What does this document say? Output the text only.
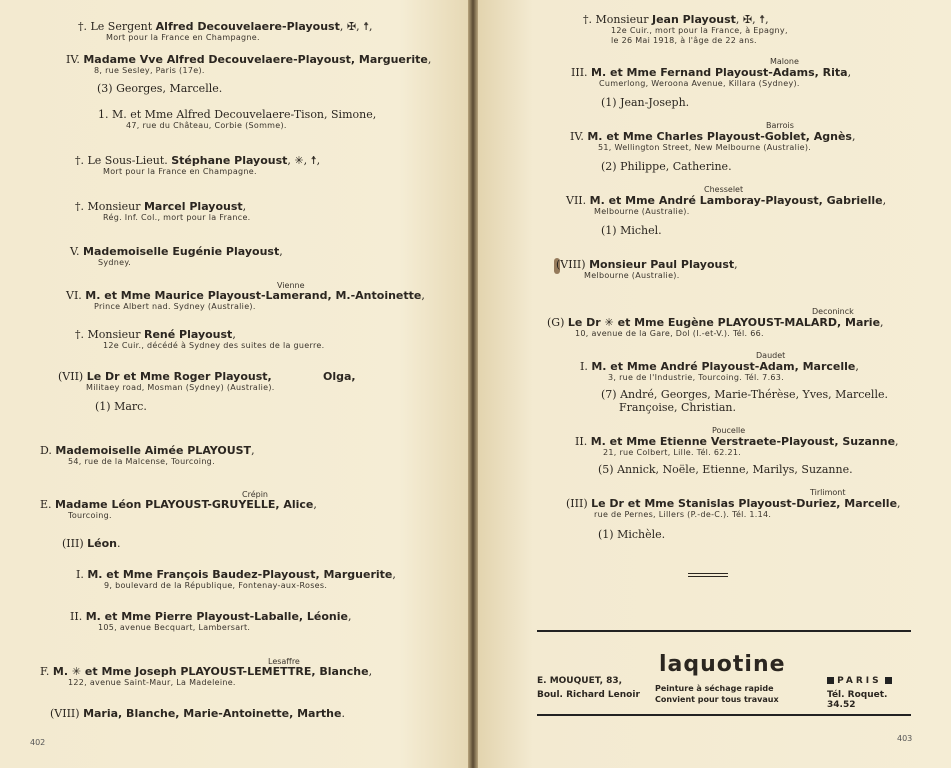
†. Le Sergent Alfred Decouvelaere-Playoust, ✠, ☨,
Mort pour la France en Champagne.
IV. Madame Vve Alfred Decouvelaere-Playoust, Marguerite,
8, rue Sesley, Paris (17e).
(3) Georges, Marcelle.
1. M. et Mme Alfred Decouvelaere-Tison, Simone,
47, rue du Château, Corbie (Somme).
†. Le Sous-Lieut. Stéphane Playoust, ✳, ☨,
Mort pour la France en Champagne.
†. Monsieur Marcel Playoust,
Rég. Inf. Col., mort pour la France.
V. Mademoiselle Eugénie Playoust,
Sydney.
VI. M. et Mme Maurice Playoust-Lamerand, M.-Antoinette,
Prince Albert nad. Sydney (Australie).
Vienne
†. Monsieur René Playoust,
12e Cuir., décédé à Sydney des suites de la guerre.
(VII) Le Dr et Mme Roger Playoust,
Militaey road, Mosman (Sydney) (Australie).
Olga,
(1) Marc.
D. Mademoiselle Aimée PLAYOUST,
54, rue de la Malcense, Tourcoing.
E. Madame Léon PLAYOUST-GRUYELLE, Alice,
Tourcoing.
Crépin
(III) Léon.
I. M. et Mme François Baudez-Playoust, Marguerite,
9, boulevard de la République, Fontenay-aux-Roses.
II. M. et Mme Pierre Playoust-Laballe, Léonie,
105, avenue Becquart, Lambersart.
F. M. ✳ et Mme Joseph PLAYOUST-LEMETTRE, Blanche,
122, avenue Saint-Maur, La Madeleine.
Lesaffre
(VIII) Maria, Blanche, Marie-Antoinette, Marthe.
†. Monsieur Jean Playoust, ✠, ☨,
12e Cuir., mort pour la France, à Epagny,
le 26 Mai 1918, à l'âge de 22 ans.
III. M. et Mme Fernand Playoust-Adams, Rita,
Cumerlong, Weroona Avenue, Killara (Sydney).
Malone
(1) Jean-Joseph.
IV. M. et Mme Charles Playoust-Goblet, Agnès,
51, Wellington Street, New Melbourne (Australie).
Barrois
(2) Philippe, Catherine.
VII. M. et Mme André Lamboray-Playoust, Gabrielle,
Melbourne (Australie).
Chesselet
(1) Michel.
(VIII) Monsieur Paul Playoust,
Melbourne (Australie).
(G) Le Dr ✳ et Mme Eugène PLAYOUST-MALARD, Marie,
10, avenue de la Gare, Dol (I.-et-V.). Tél. 66.
Deconinck
I. M. et Mme André Playoust-Adam, Marcelle,
3, rue de l'Industrie, Tourcoing. Tél. 7.63.
Daudet
(7) André, Georges, Marie-Thérèse, Yves, Marcelle.
Françoise, Christian.
II. M. et Mme Etienne Verstraete-Playoust, Suzanne,
21, rue Colbert, Lille. Tél. 62.21.
Poucelle
(5) Annick, Noële, Etienne, Marilys, Suzanne.
(III) Le Dr et Mme Stanislas Playoust-Duriez, Marcelle,
rue de Pernes, Lillers (P.-de-C.). Tél. 1.14.
Tirlimont
(1) Michèle.
402	403
E. MOUQUET, 83,
Boul. Richard Lenoir
laquotine
Peinture à séchage rapide
Convient pour tous travaux
PARIS
Tél. Roquet. 34.52
